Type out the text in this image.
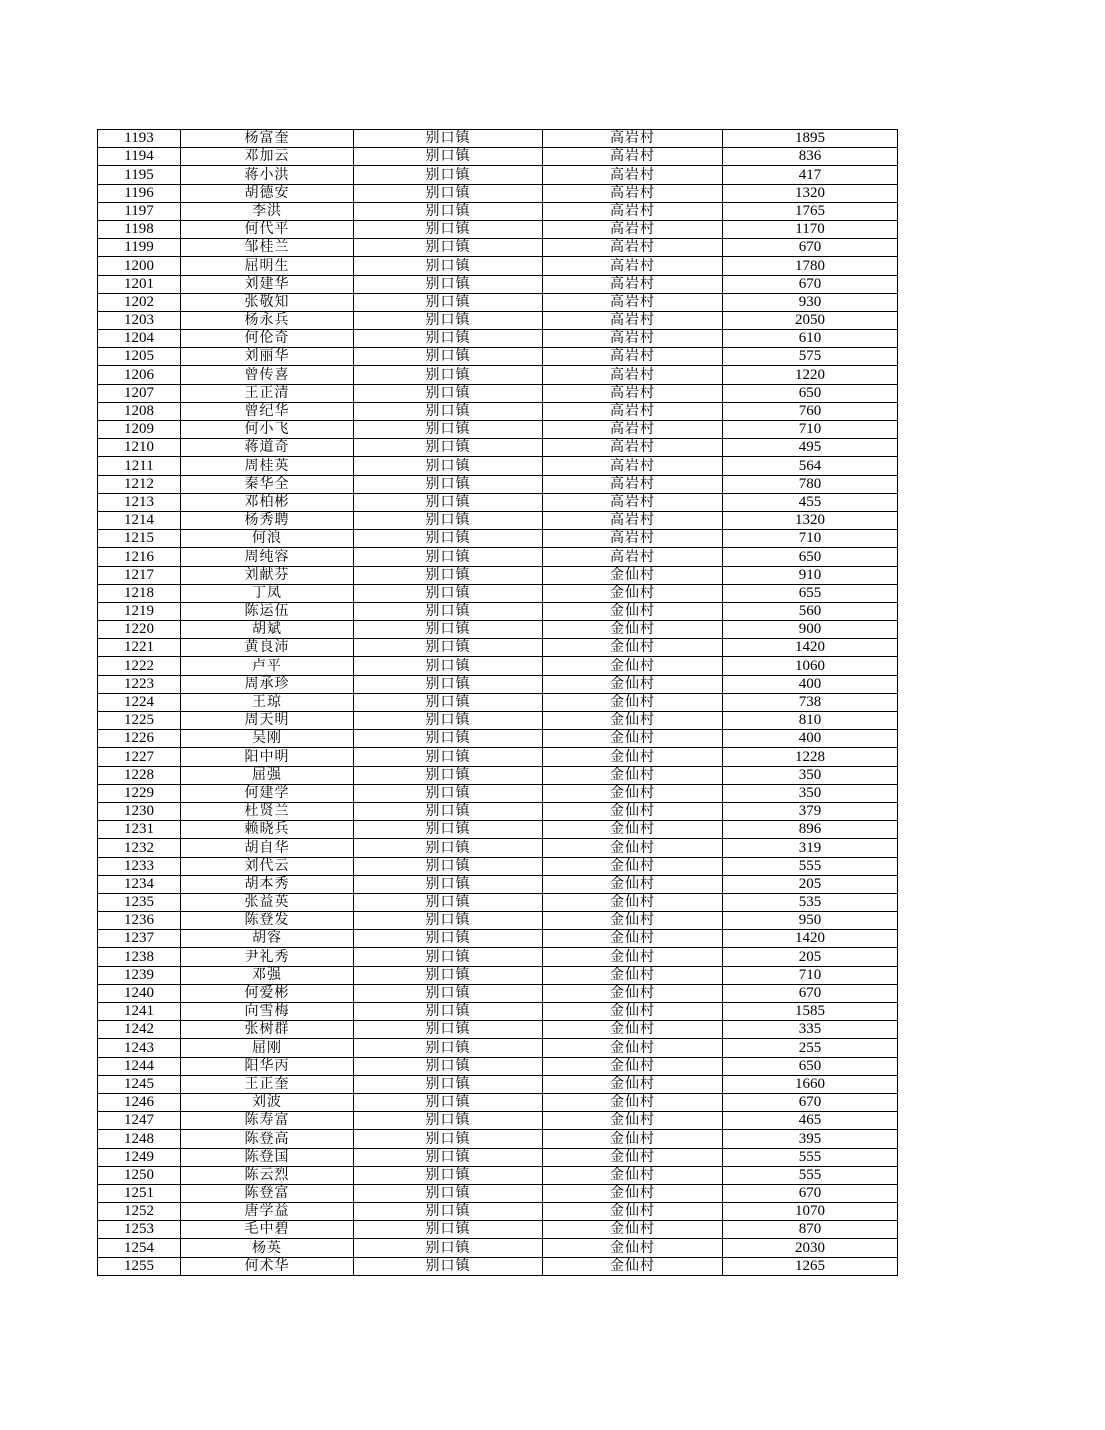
1193	杨富奎	别口镇	高岩村	1895
1194	邓加云	别口镇	高岩村	836
1195	蒋小洪	别口镇	高岩村	417
1196	胡德安	别口镇	高岩村	1320
1197	李洪	别口镇	高岩村	1765
1198	何代平	别口镇	高岩村	1170
1199	邹桂兰	别口镇	高岩村	670
1200	屈明生	别口镇	高岩村	1780
1201	刘建华	别口镇	高岩村	670
1202	张敬知	别口镇	高岩村	930
1203	杨永兵	别口镇	高岩村	2050
1204	何伦奇	别口镇	高岩村	610
1205	刘丽华	别口镇	高岩村	575
1206	曾传喜	别口镇	高岩村	1220
1207	王正清	别口镇	高岩村	650
1208	曾纪华	别口镇	高岩村	760
1209	何小飞	别口镇	高岩村	710
1210	蒋道奇	别口镇	高岩村	495
1211	周桂英	别口镇	高岩村	564
1212	秦华全	别口镇	高岩村	780
1213	邓柏彬	别口镇	高岩村	455
1214	杨秀聘	别口镇	高岩村	1320
1215	何浪	别口镇	高岩村	710
1216	周纯容	别口镇	高岩村	650
1217	刘献芬	别口镇	金仙村	910
1218	丁凤	别口镇	金仙村	655
1219	陈运伍	别口镇	金仙村	560
1220	胡斌	别口镇	金仙村	900
1221	黄良沛	别口镇	金仙村	1420
1222	卢平	别口镇	金仙村	1060
1223	周承珍	别口镇	金仙村	400
1224	王琼	别口镇	金仙村	738
1225	周天明	别口镇	金仙村	810
1226	吴刚	别口镇	金仙村	400
1227	阳中明	别口镇	金仙村	1228
1228	屈强	别口镇	金仙村	350
1229	何建学	别口镇	金仙村	350
1230	杜贤兰	别口镇	金仙村	379
1231	赖晓兵	别口镇	金仙村	896
1232	胡自华	别口镇	金仙村	319
1233	刘代云	别口镇	金仙村	555
1234	胡本秀	别口镇	金仙村	205
1235	张益英	别口镇	金仙村	535
1236	陈登发	别口镇	金仙村	950
1237	胡容	别口镇	金仙村	1420
1238	尹礼秀	别口镇	金仙村	205
1239	邓强	别口镇	金仙村	710
1240	何爱彬	别口镇	金仙村	670
1241	向雪梅	别口镇	金仙村	1585
1242	张树群	别口镇	金仙村	335
1243	屈刚	别口镇	金仙村	255
1244	阳华丙	别口镇	金仙村	650
1245	王正奎	别口镇	金仙村	1660
1246	刘波	别口镇	金仙村	670
1247	陈寿富	别口镇	金仙村	465
1248	陈登高	别口镇	金仙村	395
1249	陈登国	别口镇	金仙村	555
1250	陈云烈	别口镇	金仙村	555
1251	陈登富	别口镇	金仙村	670
1252	唐学益	别口镇	金仙村	1070
1253	毛中碧	别口镇	金仙村	870
1254	杨英	别口镇	金仙村	2030
1255	何术华	别口镇	金仙村	1265
